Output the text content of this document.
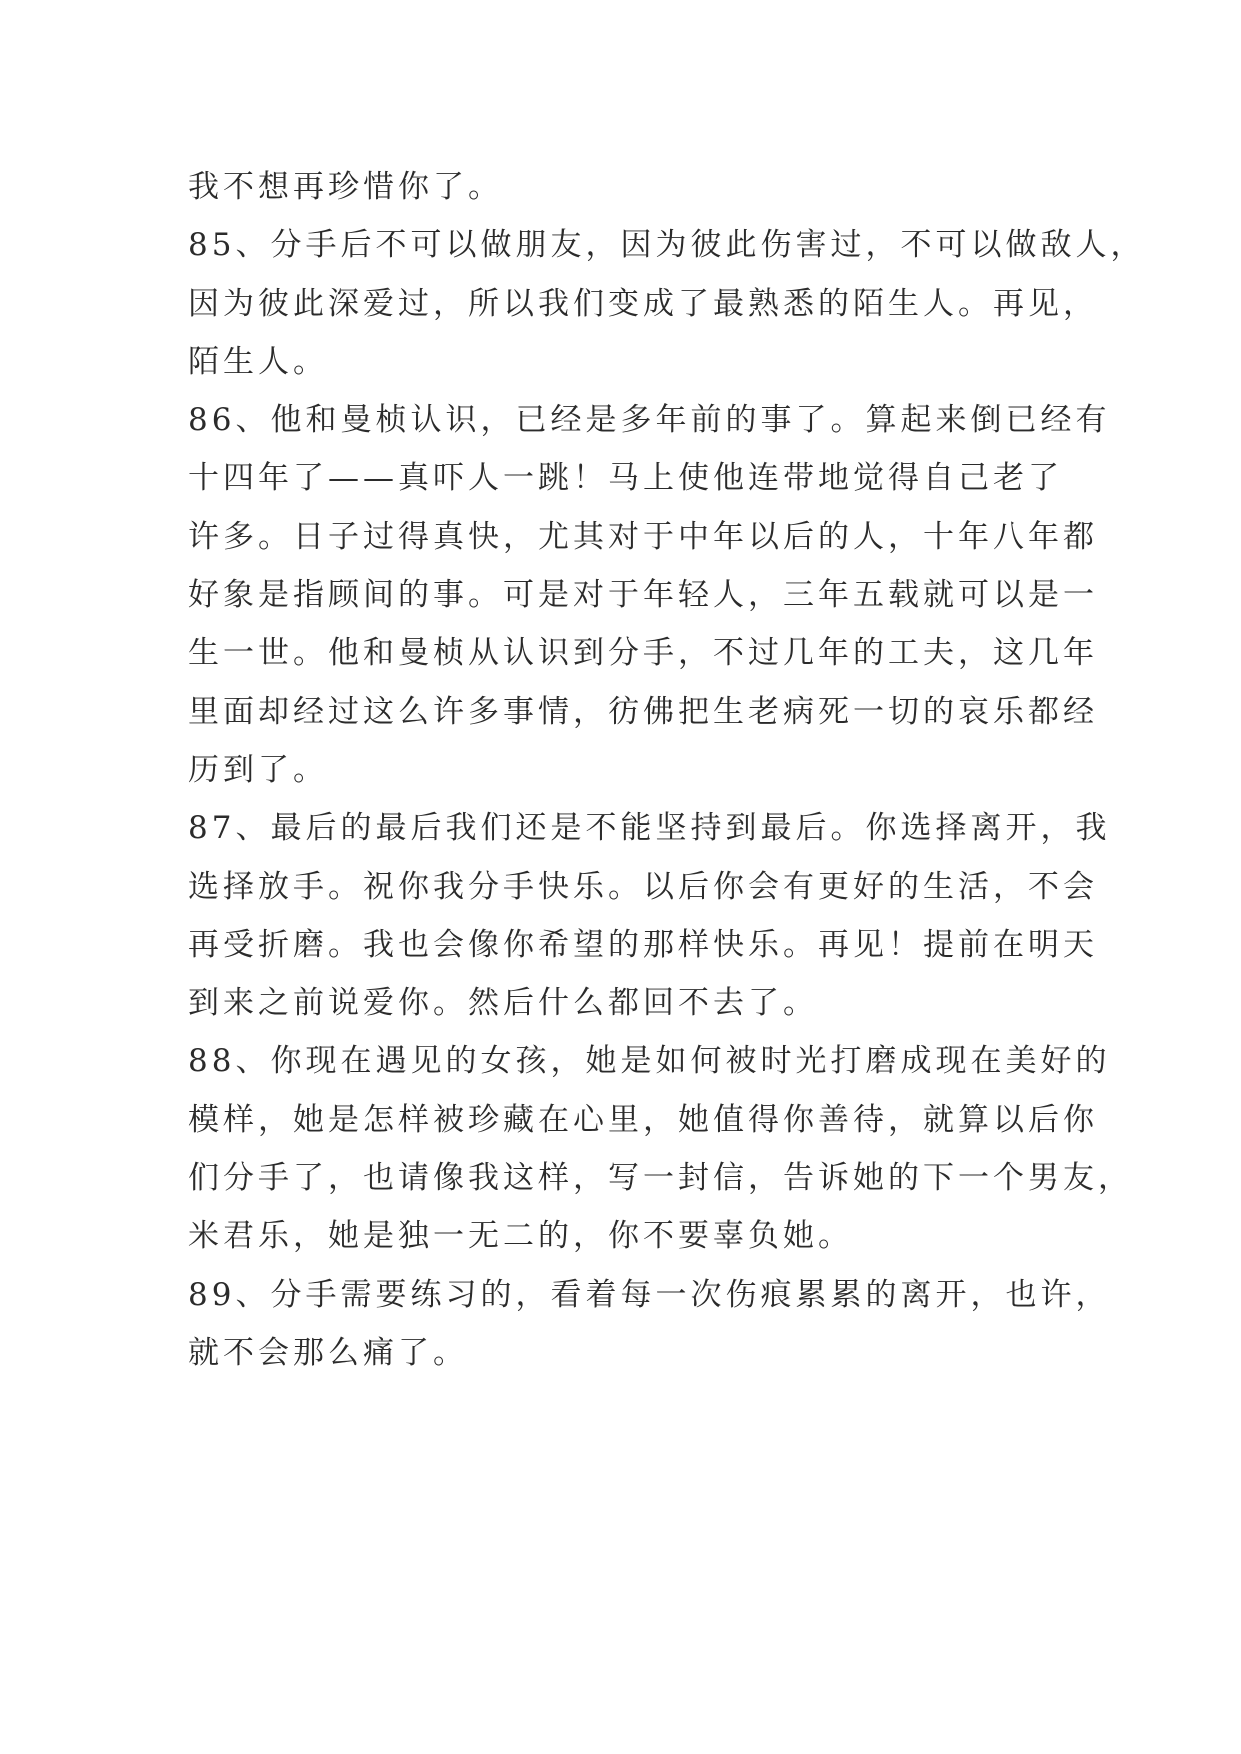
我不想再珍惜你了。
85、分手后不可以做朋友，因为彼此伤害过，不可以做敌人，
因为彼此深爱过，所以我们变成了最熟悉的陌生人。再见，
陌生人。
86、他和曼桢认识，已经是多年前的事了。算起来倒已经有
十四年了——真吓人一跳！马上使他连带地觉得自己老了
许多。日子过得真快，尤其对于中年以后的人，十年八年都
好象是指顾间的事。可是对于年轻人，三年五载就可以是一
生一世。他和曼桢从认识到分手，不过几年的工夫，这几年
里面却经过这么许多事情，彷佛把生老病死一切的哀乐都经
历到了。
87、最后的最后我们还是不能坚持到最后。你选择离开，我
选择放手。祝你我分手快乐。以后你会有更好的生活，不会
再受折磨。我也会像你希望的那样快乐。再见！提前在明天
到来之前说爱你。然后什么都回不去了。
88、你现在遇见的女孩，她是如何被时光打磨成现在美好的
模样，她是怎样被珍藏在心里，她值得你善待，就算以后你
们分手了，也请像我这样，写一封信，告诉她的下一个男友，
米君乐，她是独一无二的，你不要辜负她。
89、分手需要练习的，看着每一次伤痕累累的离开，也许，
就不会那么痛了。
